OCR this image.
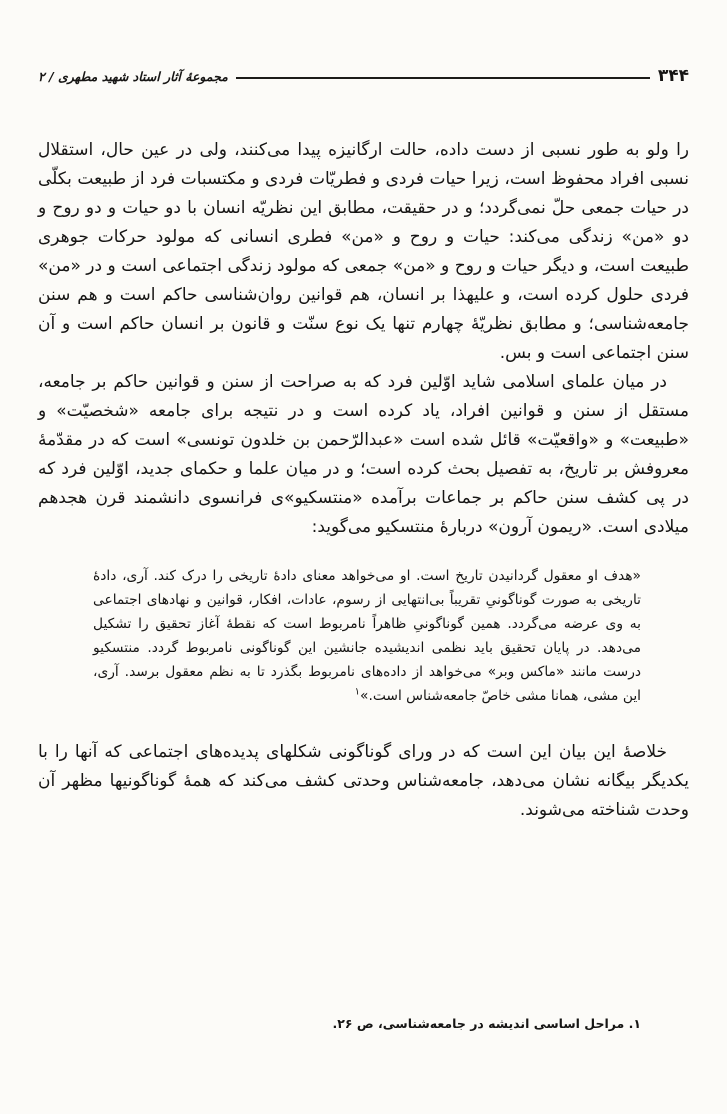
۳۴۴
مجموعهٔ آثار استاد شهید مطهری / ۲

را ولو به طور نسبی از دست داده، حالت ارگانیزه پیدا می‌کنند، ولی در عین حال، استقلال نسبی افراد محفوظ است، زیرا حیات فردی و فطریّات فردی و مکتسبات فرد از طبیعت بکلّی در حیات جمعی حلّ نمی‌گردد؛ و در حقیقت، مطابق این نظریّه انسان با دو حیات و دو روح و دو «من» زندگی می‌کند: حیات و روح و «من» فطری انسانی که مولود حرکات جوهری طبیعت است، و دیگر حیات و روح و «من» جمعی که مولود زندگی اجتماعی است و در «من» فردی حلول کرده است، و علیهذا بر انسان، هم قوانین روان‌شناسی حاکم است و هم سنن جامعه‌شناسی؛ و مطابق نظریّهٔ چهارم تنها یک نوع سنّت و قانون بر انسان حاکم است و آن سنن اجتماعی است و بس.

در میان علمای اسلامی شاید اوّلین فرد که به صراحت از سنن و قوانین حاکم بر جامعه، مستقل از سنن و قوانین افراد، یاد کرده است و در نتیجه برای جامعه «شخصیّت» و «طبیعت» و «واقعیّت» قائل شده است «عبدالرّحمن بن خلدون تونسی» است که در مقدّمهٔ معروفش بر تاریخ، به تفصیل بحث کرده است؛ و در میان علما و حکمای جدید، اوّلین فرد که در پی کشف سنن حاکم بر جماعات برآمده «منتسکیو»ی فرانسوی دانشمند قرن هجدهم میلادی است. «ریمون آرون» دربارهٔ منتسکیو می‌گوید:

«هدف او معقول گردانیدن تاریخ است. او می‌خواهد معنای دادهٔ تاریخی را درک کند. آری، دادهٔ تاریخی به صورت گوناگونیِ تقریباً بی‌انتهایی از رسوم، عادات، افکار، قوانین و نهادهای اجتماعی به وی عرضه می‌گردد. همین گوناگونیِ ظاهراً نامربوط است که نقطهٔ آغاز تحقیق را تشکیل می‌دهد. در پایان تحقیق باید نظمی اندیشیده جانشین این گوناگونی نامربوط گردد. منتسکیو درست مانند «ماکس وبر» می‌خواهد از داده‌های نامربوط بگذرد تا به نظم معقول برسد. آری، این مشی، همانا مشی خاصّ جامعه‌شناس است.»$^۱$

خلاصهٔ این بیان این است که در ورای گوناگونی شکلهای پدیده‌های اجتماعی که آنها را با یکدیگر بیگانه نشان می‌دهد، جامعه‌شناس وحدتی کشف می‌کند که همهٔ گوناگونیها مظهر آن وحدت شناخته می‌شوند.

۱. مراحل اساسی اندیشه در جامعه‌شناسی، ص ۲۶.
